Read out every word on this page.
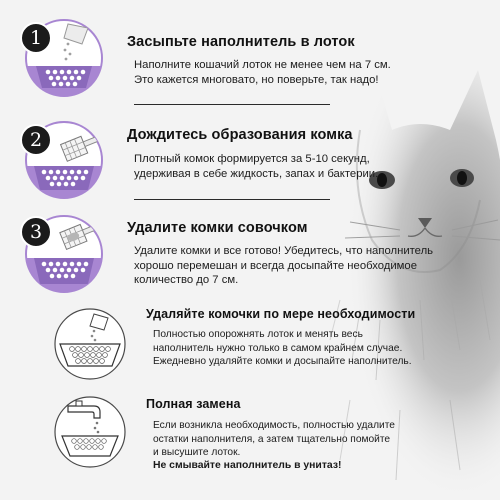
1	Засыпьте наполнитель в лоток
Наполните кошачий лоток не менее чем на 7 см.
Это кажется многовато, но поверьте, так надо!
2	Дождитесь образования комка
Плотный комок формируется за 5-10 секунд,
удерживая в себе жидкость, запах и бактерии.
3	Удалите комки совочком
Удалите комки и все готово! Убедитесь, что наполнитель
хорошо перемешан и всегда досыпайте необходимое
количество до 7 см.
Удаляйте комочки по мере необходимости
Полностью опорожнять лоток и менять весь
наполнитель нужно только в самом крайнем случае.
Ежедневно удаляйте комки и досыпайте наполнитель.
Полная замена
Если возникла необходимость, полностью удалите
остатки наполнителя, а затем тщательно помойте
и высушите лоток.
Не смывайте наполнитель в унитаз!
